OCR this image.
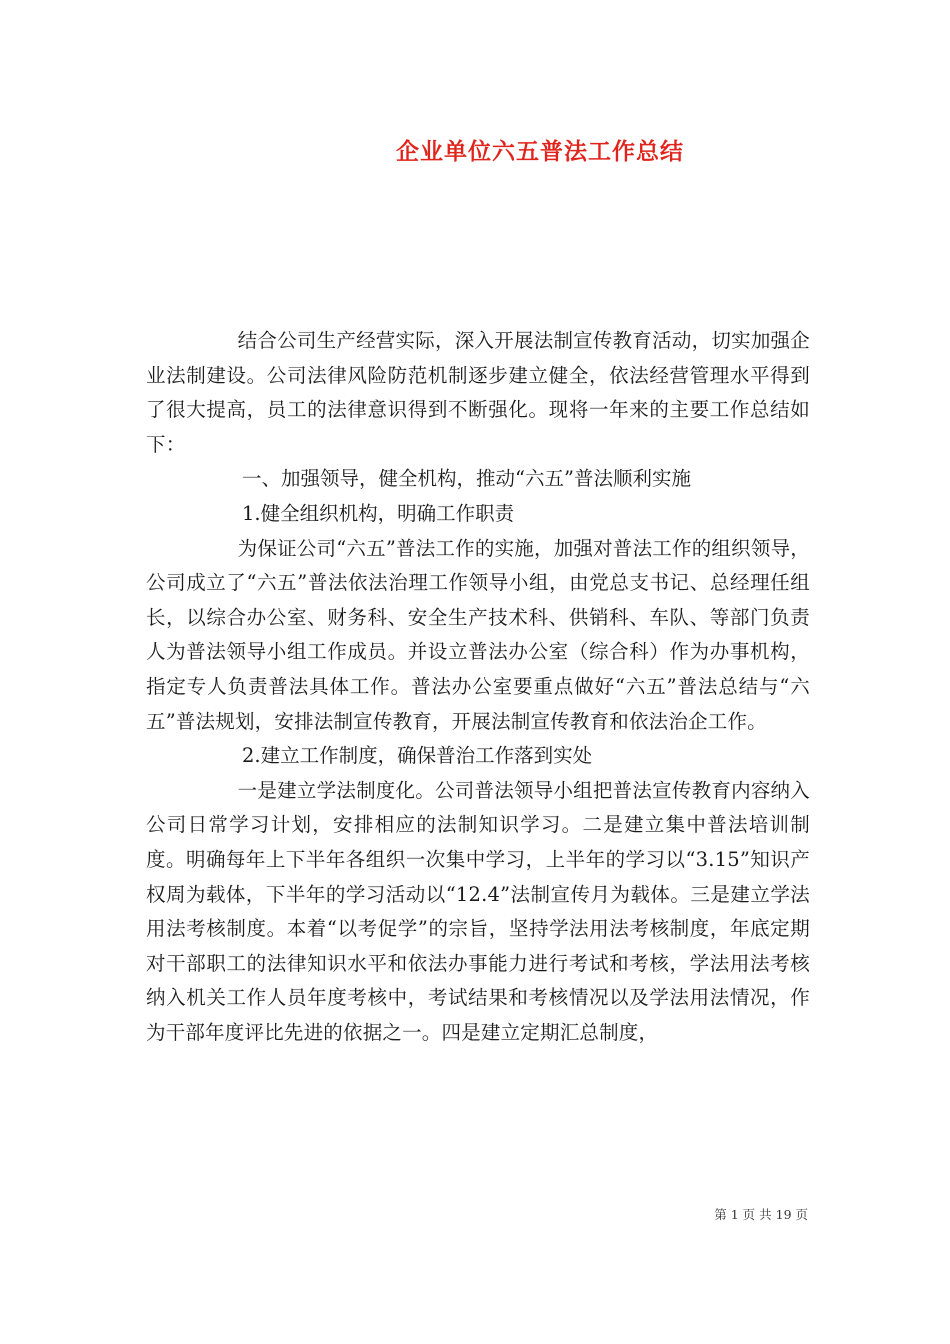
企业单位六五普法工作总结

结合公司生产经营实际，深入开展法制宣传教育活动，切实加强企业法制建设。公司法律风险防范机制逐步建立健全，依法经营管理水平得到了很大提高，员工的法律意识得到不断强化。现将一年来的主要工作总结如下：

一、加强领导，健全机构，推动“六五”普法顺利实施

1.健全组织机构，明确工作职责

为保证公司“六五”普法工作的实施，加强对普法工作的组织领导，公司成立了“六五”普法依法治理工作领导小组，由党总支书记、总经理任组长，以综合办公室、财务科、安全生产技术科、供销科、车队、等部门负责人为普法领导小组工作成员。并设立普法办公室（综合科）作为办事机构，指定专人负责普法具体工作。普法办公室要重点做好“六五”普法总结与“六五”普法规划，安排法制宣传教育，开展法制宣传教育和依法治企工作。

2.建立工作制度，确保普治工作落到实处

一是建立学法制度化。公司普法领导小组把普法宣传教育内容纳入公司日常学习计划，安排相应的法制知识学习。二是建立集中普法培训制度。明确每年上下半年各组织一次集中学习，上半年的学习以“3.15”知识产权周为载体，下半年的学习活动以“12.4”法制宣传月为载体。三是建立学法用法考核制度。本着“以考促学”的宗旨，坚持学法用法考核制度，年底定期对干部职工的法律知识水平和依法办事能力进行考试和考核，学法用法考核纳入机关工作人员年度考核中，考试结果和考核情况以及学法用法情况，作为干部年度评比先进的依据之一。四是建立定期汇总制度，

第 1 页 共 19 页
